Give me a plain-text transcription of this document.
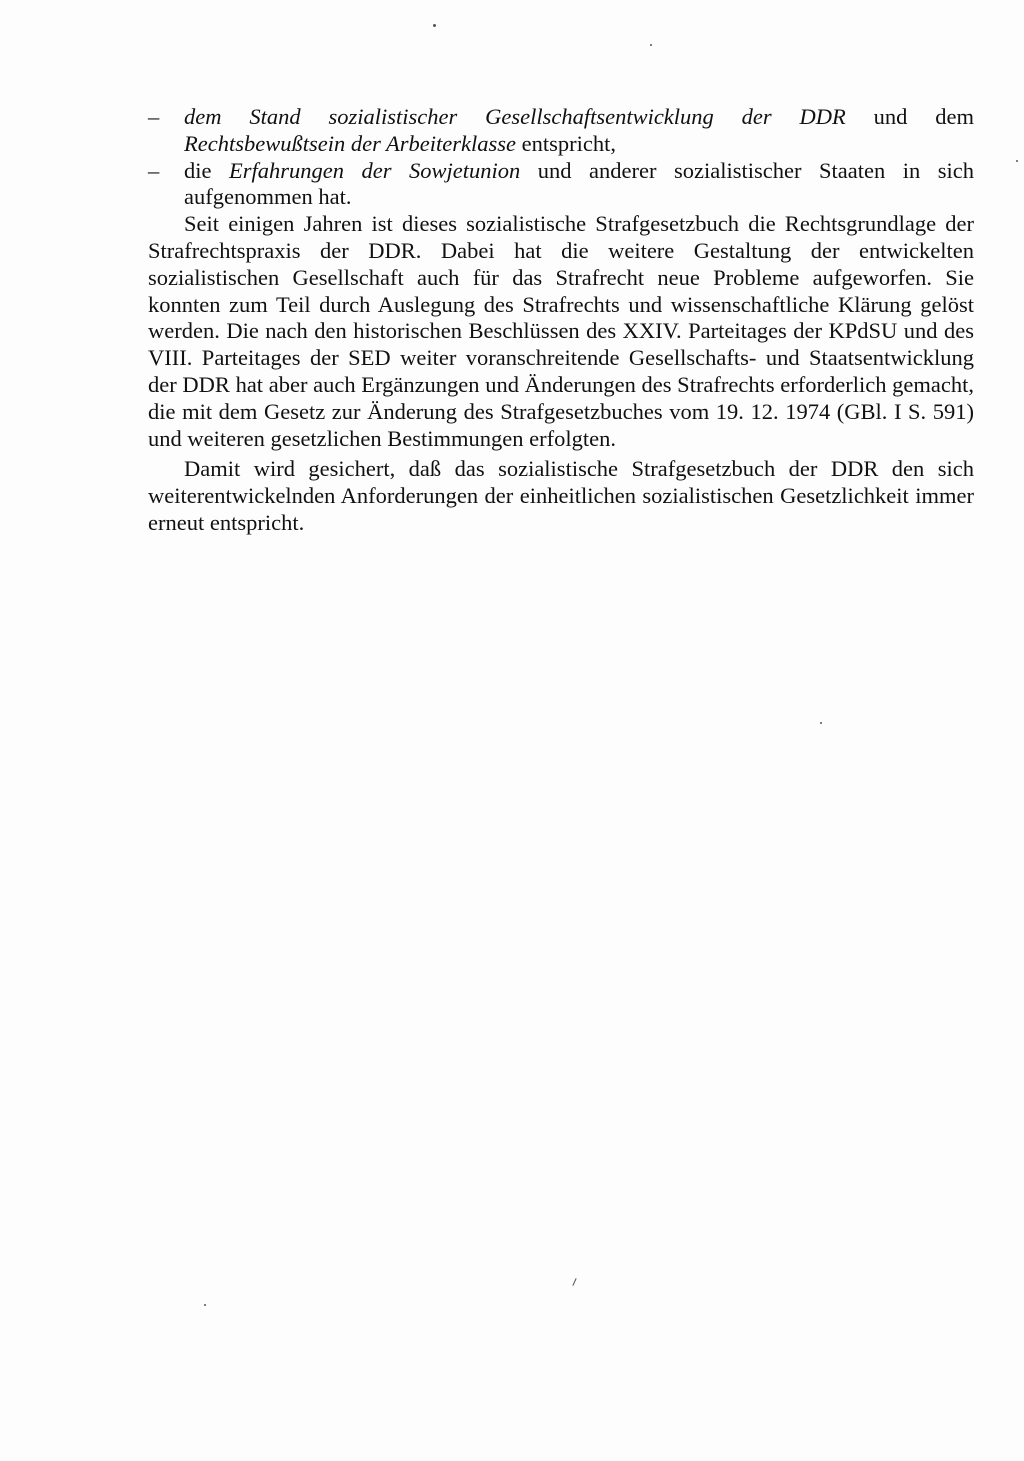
– dem Stand sozialistischer Gesellschaftsentwicklung der DDR und dem Rechtsbewußtsein der Arbeiterklasse entspricht,
– die Erfahrungen der Sowjetunion und anderer sozialistischer Staaten in sich aufgenommen hat.

Seit einigen Jahren ist dieses sozialistische Strafgesetzbuch die Rechtsgrundlage der Strafrechtspraxis der DDR. Dabei hat die weitere Gestaltung der entwickelten sozialistischen Gesellschaft auch für das Strafrecht neue Probleme aufgeworfen. Sie konnten zum Teil durch Auslegung des Strafrechts und wissenschaftliche Klärung gelöst werden. Die nach den historischen Beschlüssen des XXIV. Parteitages der KPdSU und des VIII. Parteitages der SED weiter voranschreitende Gesellschafts- und Staatsentwicklung der DDR hat aber auch Ergänzungen und Änderungen des Strafrechts erforderlich gemacht, die mit dem Gesetz zur Änderung des Strafgesetzbuches vom 19. 12. 1974 (GBl. I S. 591) und weiteren gesetzlichen Bestimmungen erfolgten.

Damit wird gesichert, daß das sozialistische Strafgesetzbuch der DDR den sich weiterentwickelnden Anforderungen der einheitlichen sozialistischen Gesetzlichkeit immer erneut entspricht.
